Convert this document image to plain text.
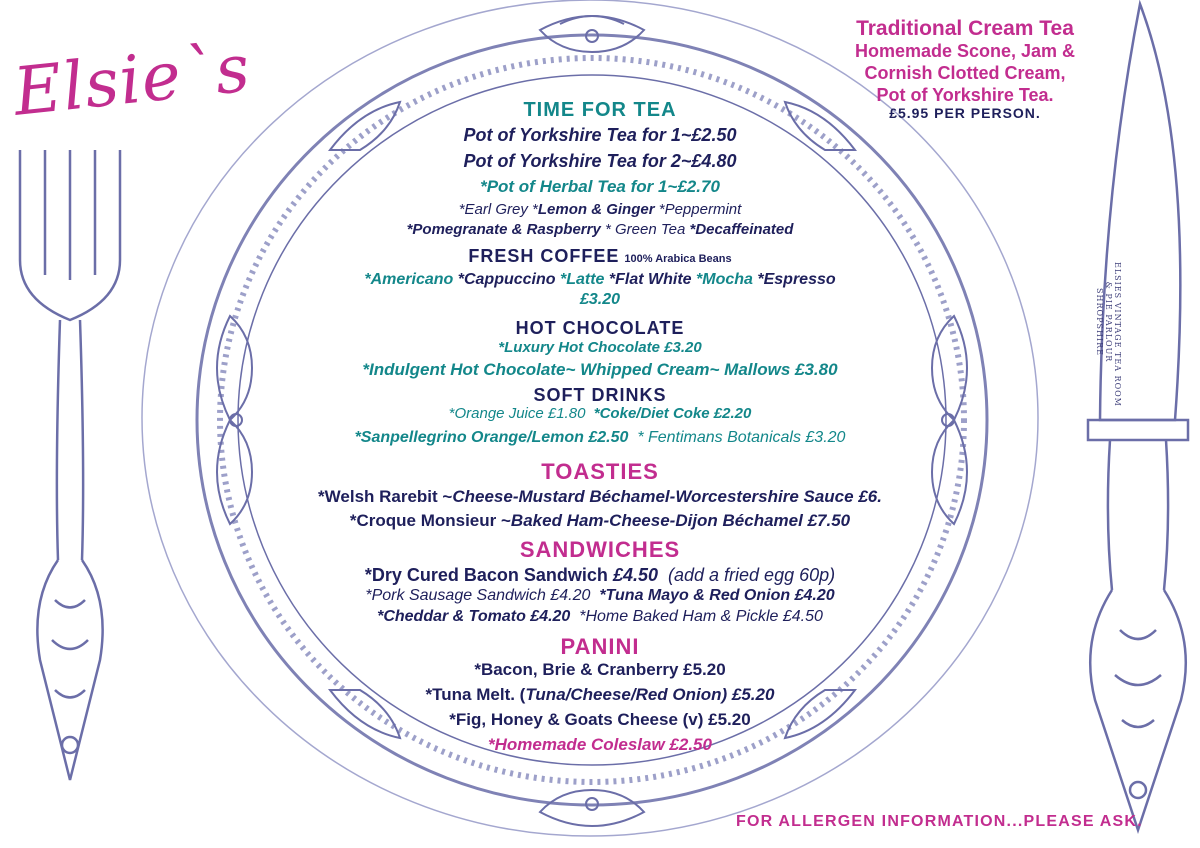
Elsie`s
Traditional Cream Tea
Homemade Scone, Jam &
Cornish Clotted Cream,
Pot of Yorkshire Tea.
£5.95 PER PERSON.
ELSIES VINTAGE TEA ROOM
& PIE PARLOUR
SHROPSHIRE
TIME FOR TEA
Pot of Yorkshire Tea for 1~£2.50
Pot of Yorkshire Tea for 2~£4.80
*Pot of Herbal Tea for 1~£2.70
*Earl Grey *Lemon & Ginger *Peppermint
*Pomegranate & Raspberry * Green Tea *Decaffeinated
FRESH COFFEE 100% Arabica Beans
*Americano *Cappuccino *Latte *Flat White *Mocha *Espresso
£3.20
HOT CHOCOLATE
*Luxury Hot Chocolate £3.20
*Indulgent Hot Chocolate~ Whipped Cream~ Mallows £3.80
SOFT DRINKS
*Orange Juice £1.80 *Coke/Diet Coke £2.20
*Sanpellegrino Orange/Lemon £2.50 * Fentimans Botanicals £3.20
TOASTIES
*Welsh Rarebit ~Cheese-Mustard Béchamel-Worcestershire Sauce £6.
*Croque Monsieur ~Baked Ham-Cheese-Dijon Béchamel £7.50
SANDWICHES
*Dry Cured Bacon Sandwich £4.50 (add a fried egg 60p)
*Pork Sausage Sandwich £4.20 *Tuna Mayo & Red Onion £4.20
*Cheddar & Tomato £4.20 *Home Baked Ham & Pickle £4.50
PANINI
*Bacon, Brie & Cranberry £5.20
*Tuna Melt. (Tuna/Cheese/Red Onion) £5.20
*Fig, Honey & Goats Cheese (v) £5.20
*Homemade Coleslaw £2.50
FOR ALLERGEN INFORMATION...PLEASE ASK.
